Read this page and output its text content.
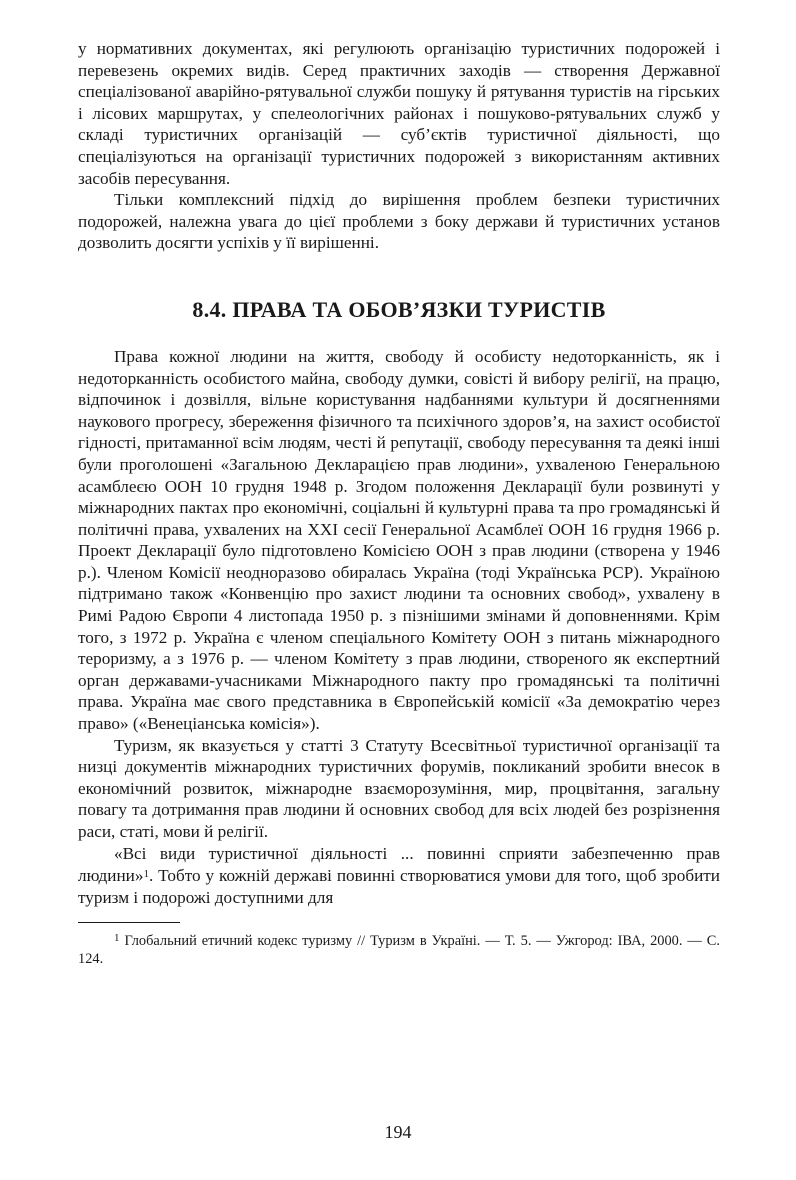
у нормативних документах, які регулюють організацію туристичних подорожей і перевезень окремих видів. Серед практичних заходів — створення Державної спеціалізованої аварійно-рятувальної служби пошуку й рятування туристів на гірських і лісових маршрутах, у спелеологічних районах і пошуково-рятувальних служб у складі туристичних організацій — суб’єктів туристичної діяльності, що спеціалізуються на організації туристичних подорожей з використанням активних засобів пересування.

Тільки комплексний підхід до вирішення проблем безпеки туристичних подорожей, належна увага до цієї проблеми з боку держави й туристичних установ дозволить досягти успіхів у її вирішенні.

8.4. ПРАВА ТА ОБОВ’ЯЗКИ ТУРИСТІВ

Права кожної людини на життя, свободу й особисту недоторканність, як і недоторканність особистого майна, свободу думки, совісті й вибору релігії, на працю, відпочинок і дозвілля, вільне користування надбаннями культури й досягненнями наукового прогресу, збереження фізичного та психічного здоров’я, на захист особистої гідності, притаманної всім людям, честі й репутації, свободу пересування та деякі інші були проголошені «Загальною Декларацією прав людини», ухваленою Генеральною асамблеєю ООН 10 грудня 1948 р. Згодом положення Декларації були розвинуті у міжнародних пактах про економічні, соціальні й культурні права та про громадянські й політичні права, ухвалених на XXI сесії Генеральної Асамблеї ООН 16 грудня 1966 р. Проект Декларації було підготовлено Комісією ООН з прав людини (створена у 1946 р.). Членом Комісії неодноразово обиралась Україна (тоді Українська РСР). Україною підтримано також «Конвенцію про захист людини та основних свобод», ухвалену в Римі Радою Європи 4 листопада 1950 р. з пізнішими змінами й доповненнями. Крім того, з 1972 р. Україна є членом спеціального Комітету ООН з питань міжнародного тероризму, а з 1976 р. — членом Комітету з прав людини, створеного як експертний орган державами-учасниками Міжнародного пакту про громадянські та політичні права. Україна має свого представника в Європейській комісії «За демократію через право» («Венеціанська комісія»).

Туризм, як вказується у статті 3 Статуту Всесвітньої туристичної організації та низці документів міжнародних туристичних форумів, покликаний зробити внесок в економічний розвиток, міжнародне взаєморозуміння, мир, процвітання, загальну повагу та дотримання прав людини й основних свобод для всіх людей без розрізнення раси, статі, мови й релігії.

«Всі види туристичної діяльності ... повинні сприяти забезпеченню прав людини»$^1$. Тобто у кожній державі повинні створюватися умови для того, щоб зробити туризм і подорожі доступними для

$^1$ Глобальний етичний кодекс туризму // Туризм в Україні. — Т. 5. — Ужгород: ІВА, 2000. — С. 124.
194
